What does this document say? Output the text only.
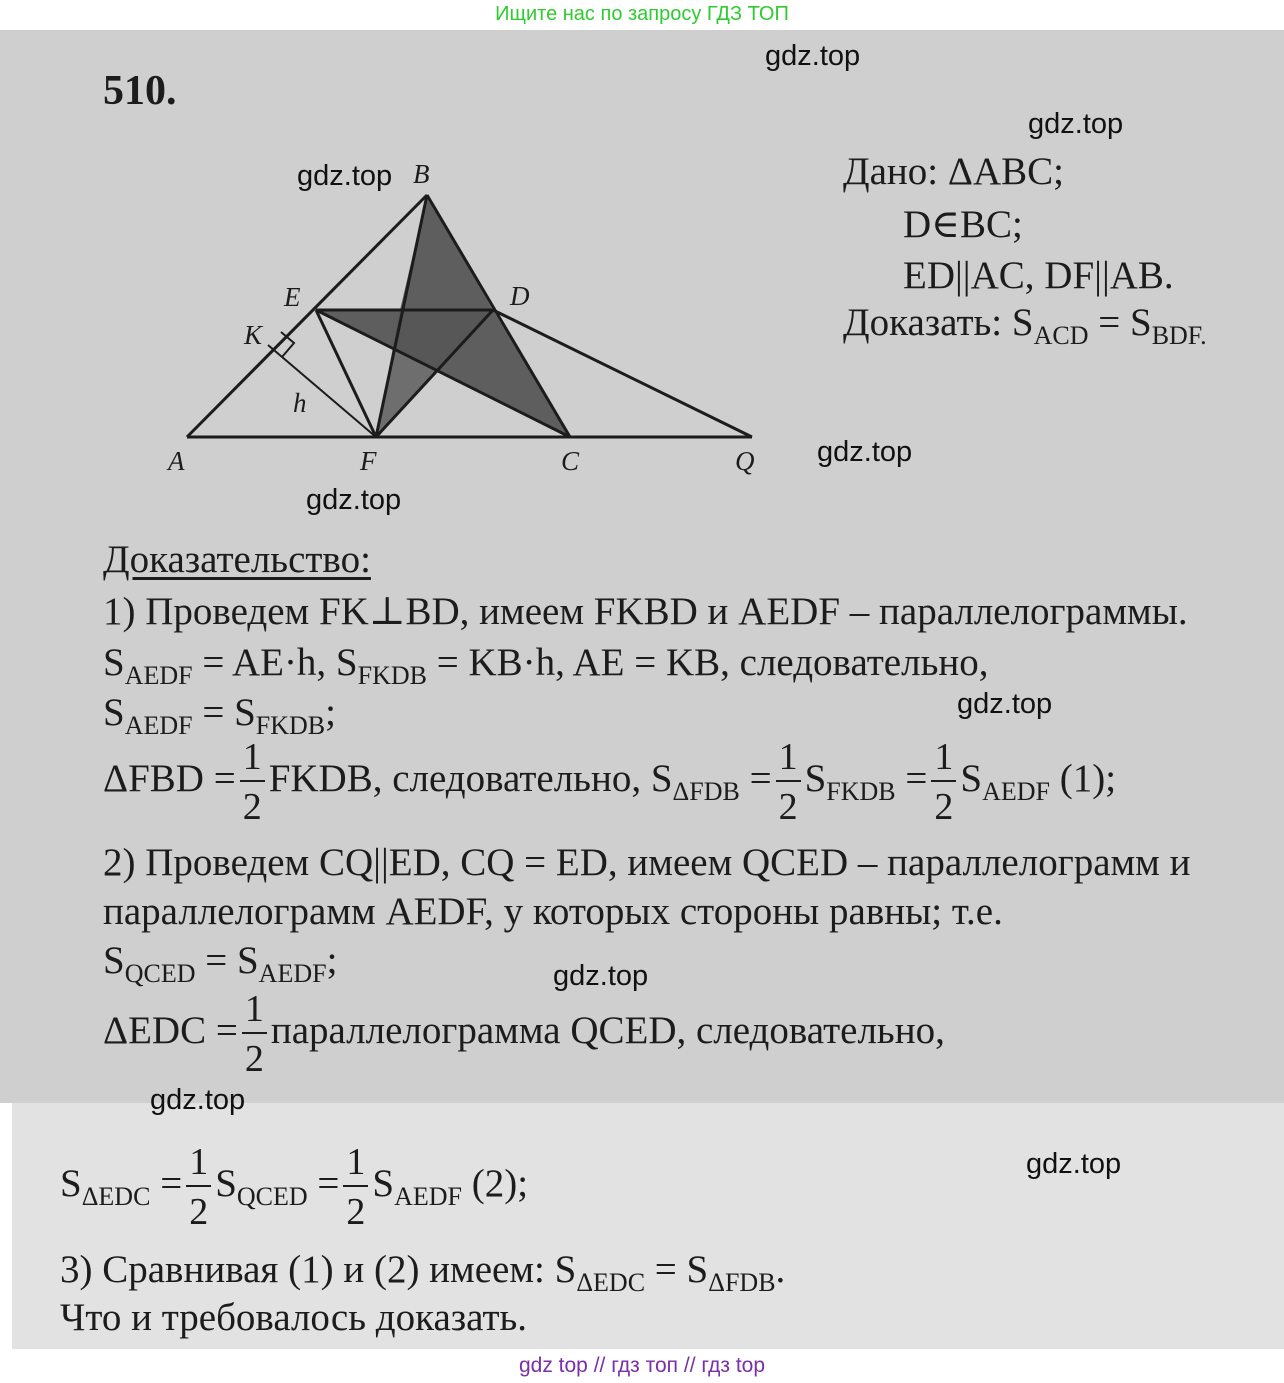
Ищите нас по запросу ГДЗ ТОП
B
E	D
K
h
A	F	C	Q
510.
Дано: ΔABC;
D∈BC;
ED||AC, DF||AB.
Доказать: $S_{ACD} = S_{BDF.}$
Доказательство:
1) Проведем FK⊥BD, имеем FKBD и AEDF – параллелограммы.
$S_{AEDF} = AE\cdot h$, $S_{FKDB} = KB\cdot h$, AE = KB, следовательно,
$S_{AEDF} = S_{FKDB}$;
$\Delta FBD = \frac{1}{2}$ FKDB, следовательно, $S_{\Delta FDB} = \frac{1}{2} S_{FKDB} = \frac{1}{2} S_{AEDF}$ (1);
2) Проведем CQ||ED, CQ = ED, имеем QCED – параллелограмм и
параллелограмм AEDF, у которых стороны равны; т.е.
$S_{QCED} = S_{AEDF}$;
$\Delta EDC = \frac{1}{2}$ параллелограмма QCED, следовательно,
$S_{\Delta EDC} = \frac{1}{2} S_{QCED} = \frac{1}{2} S_{AEDF}$ (2);
3) Сравнивая (1) и (2) имеем: $S_{\Delta EDC} = S_{\Delta FDB}$.
Что и требовалось доказать.
gdz.top
gdz.top
gdz.top
gdz.top
gdz.top
gdz.top
gdz.top
gdz.top
gdz.top
gdz top // гдз топ // гдз top
